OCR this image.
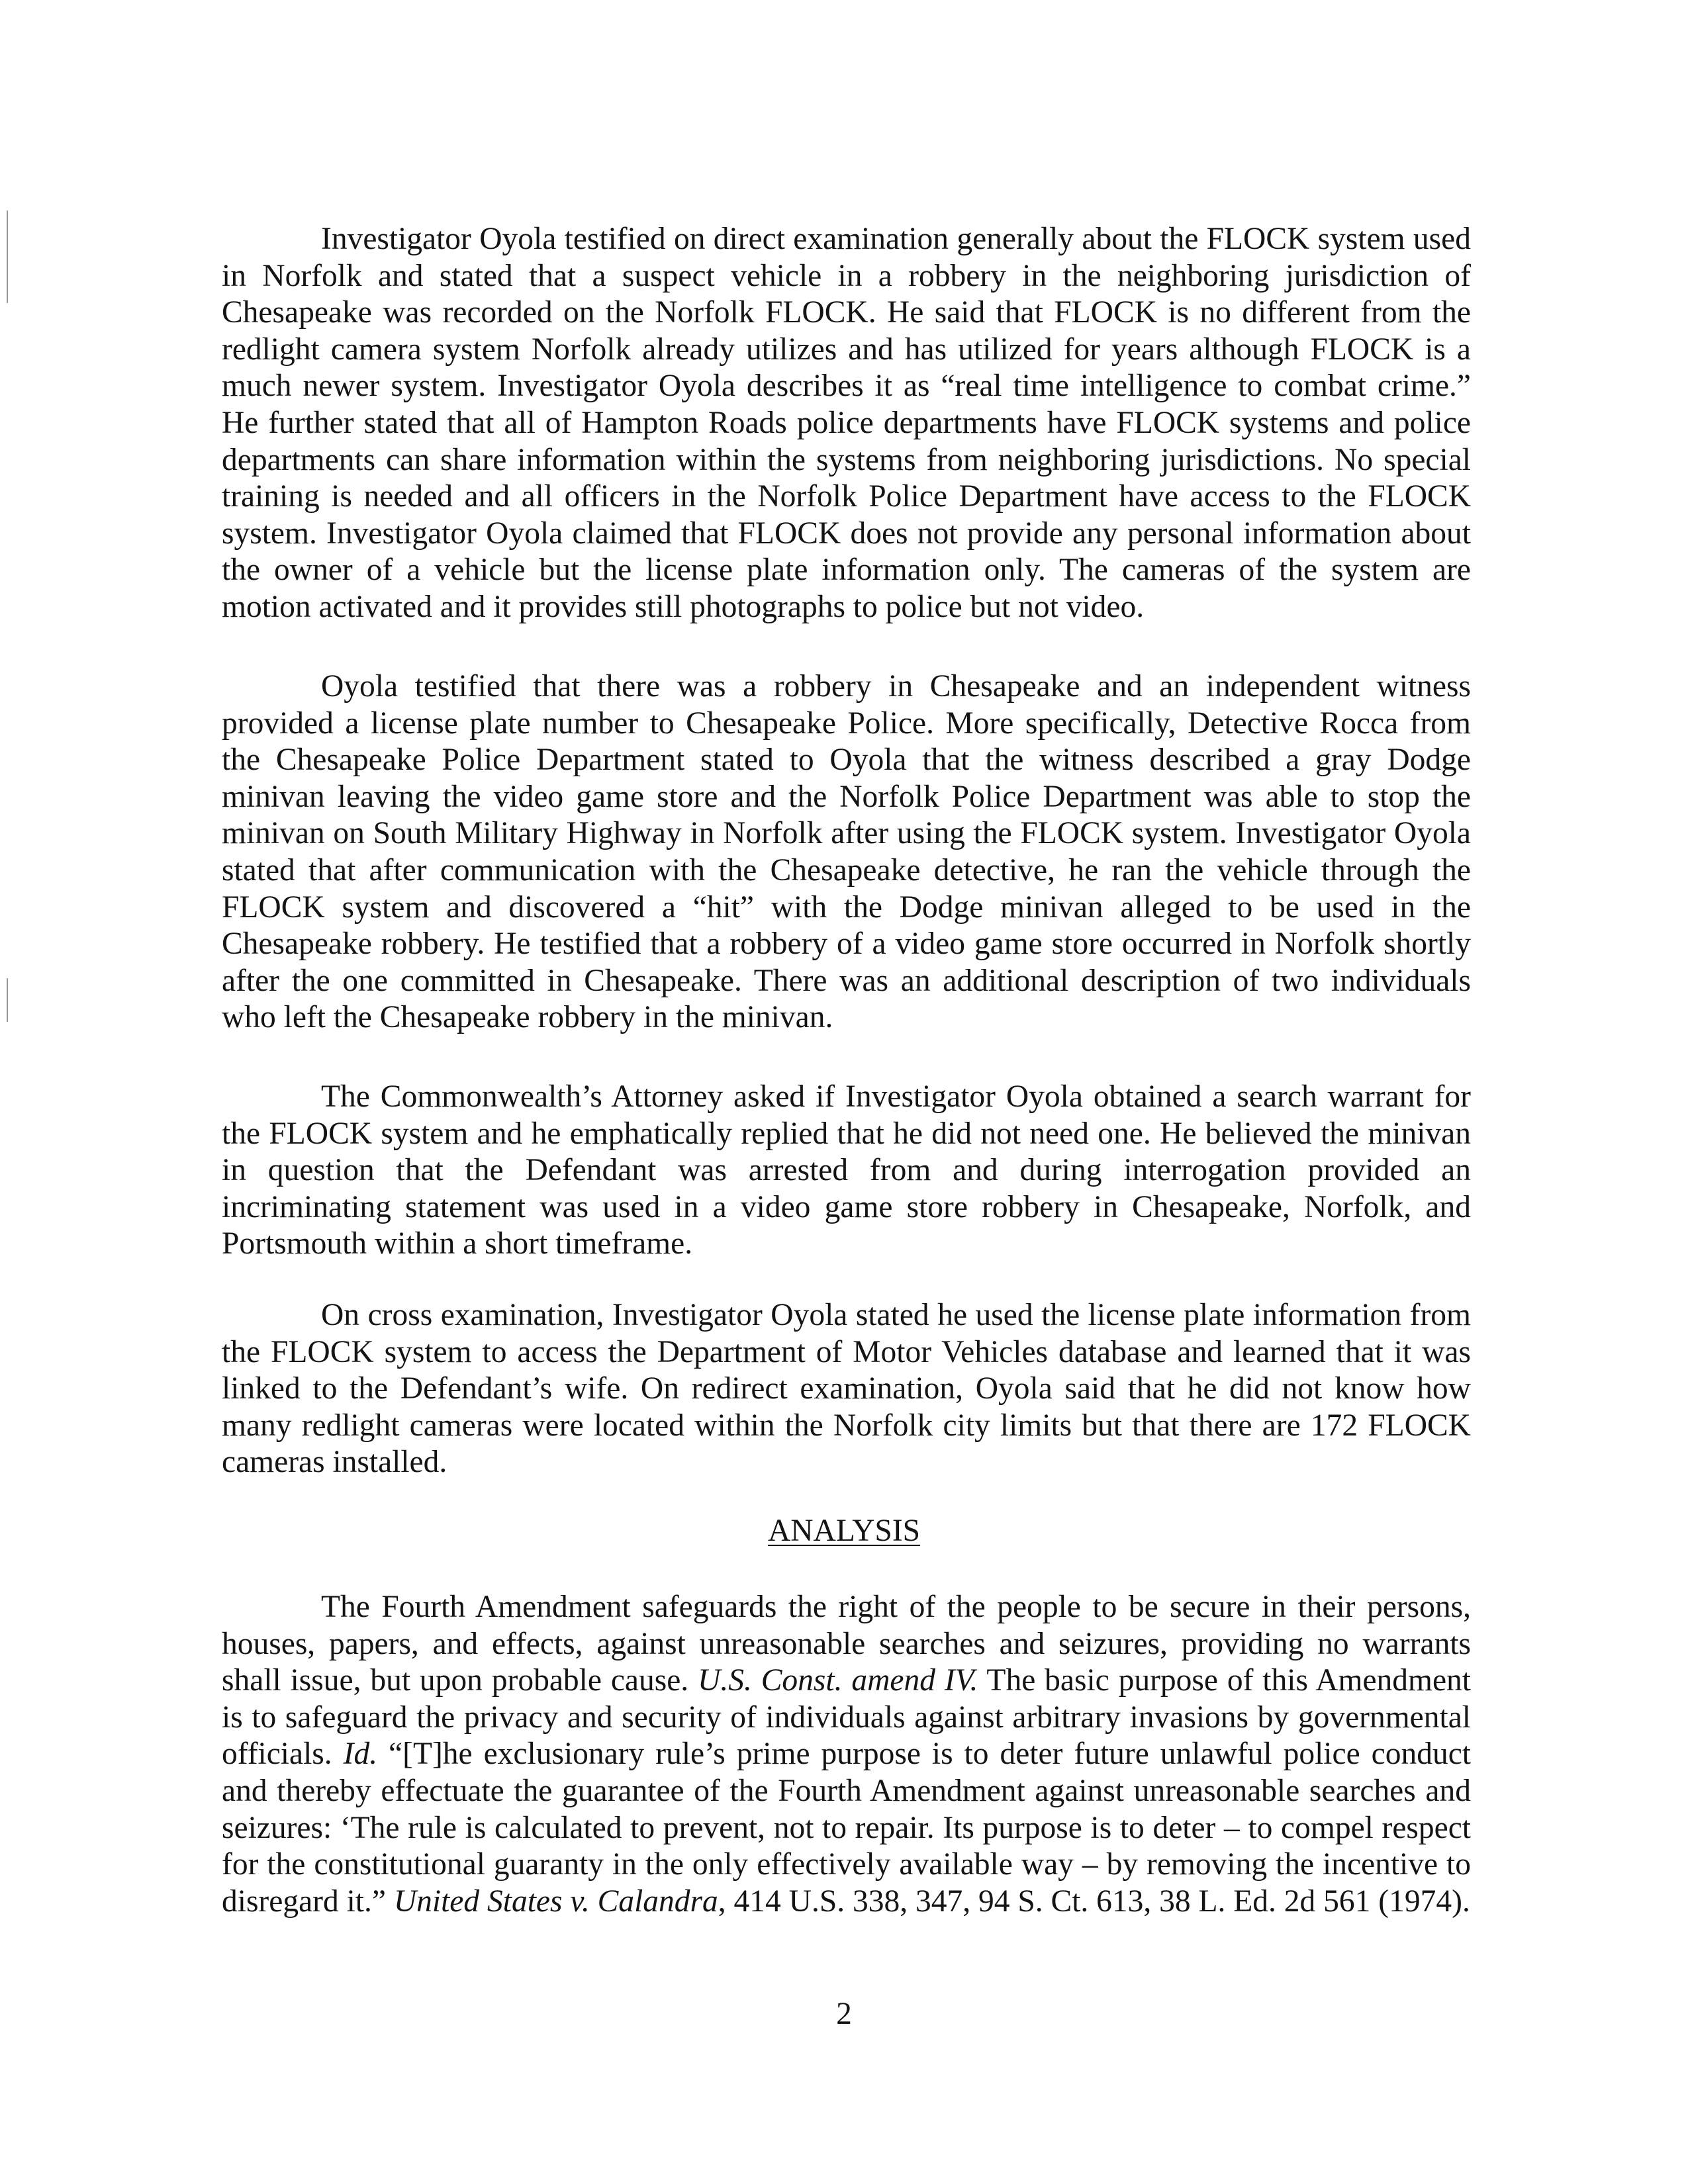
Investigator Oyola testified on direct examination generally about the FLOCK system used in Norfolk and stated that a suspect vehicle in a robbery in the neighboring jurisdiction of Chesapeake was recorded on the Norfolk FLOCK. He said that FLOCK is no different from the redlight camera system Norfolk already utilizes and has utilized for years although FLOCK is a much newer system. Investigator Oyola describes it as “real time intelligence to combat crime.” He further stated that all of Hampton Roads police departments have FLOCK systems and police departments can share information within the systems from neighboring jurisdictions. No special training is needed and all officers in the Norfolk Police Department have access to the FLOCK system. Investigator Oyola claimed that FLOCK does not provide any personal information about the owner of a vehicle but the license plate information only. The cameras of the system are motion activated and it provides still photographs to police but not video.

Oyola testified that there was a robbery in Chesapeake and an independent witness provided a license plate number to Chesapeake Police. More specifically, Detective Rocca from the Chesapeake Police Department stated to Oyola that the witness described a gray Dodge minivan leaving the video game store and the Norfolk Police Department was able to stop the minivan on South Military Highway in Norfolk after using the FLOCK system. Investigator Oyola stated that after communication with the Chesapeake detective, he ran the vehicle through the FLOCK system and discovered a “hit” with the Dodge minivan alleged to be used in the Chesapeake robbery. He testified that a robbery of a video game store occurred in Norfolk shortly after the one committed in Chesapeake. There was an additional description of two individuals who left the Chesapeake robbery in the minivan.

The Commonwealth’s Attorney asked if Investigator Oyola obtained a search warrant for the FLOCK system and he emphatically replied that he did not need one. He believed the minivan in question that the Defendant was arrested from and during interrogation provided an incriminating statement was used in a video game store robbery in Chesapeake, Norfolk, and Portsmouth within a short timeframe.

On cross examination, Investigator Oyola stated he used the license plate information from the FLOCK system to access the Department of Motor Vehicles database and learned that it was linked to the Defendant’s wife. On redirect examination, Oyola said that he did not know how many redlight cameras were located within the Norfolk city limits but that there are 172 FLOCK cameras installed.

ANALYSIS

The Fourth Amendment safeguards the right of the people to be secure in their persons, houses, papers, and effects, against unreasonable searches and seizures, providing no warrants shall issue, but upon probable cause. U.S. Const. amend IV. The basic purpose of this Amendment is to safeguard the privacy and security of individuals against arbitrary invasions by governmental officials. Id. “[T]he exclusionary rule’s prime purpose is to deter future unlawful police conduct and thereby effectuate the guarantee of the Fourth Amendment against unreasonable searches and seizures: ‘The rule is calculated to prevent, not to repair. Its purpose is to deter – to compel respect for the constitutional guaranty in the only effectively available way – by removing the incentive to disregard it.” United States v. Calandra, 414 U.S. 338, 347, 94 S. Ct. 613, 38 L. Ed. 2d 561 (1974).

2
